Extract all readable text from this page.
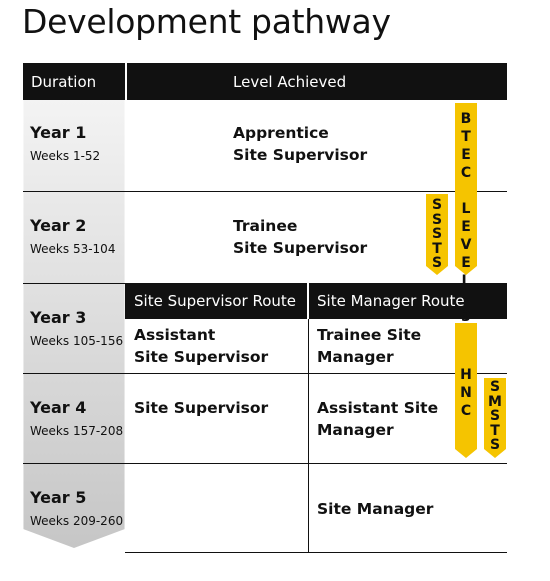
Development pathway
Duration	Level Achieved
Site Supervisor Route Site Manager Route
Year 1
Weeks 1-52
Year 2
Weeks 53-104
Year 3
Weeks 105-156
Year 4
Weeks 157-208
Year 5
Weeks 209-260
Apprentice
Site Supervisor
Trainee
Site Supervisor
Assistant
Site Supervisor
Trainee Site
Manager
Site Supervisor	Assistant Site
Manager
Site Manager
B
T
E
C

L
E
V
E
L

3
S
S
S
T
S
H
N
C
S
M
S
T
S
